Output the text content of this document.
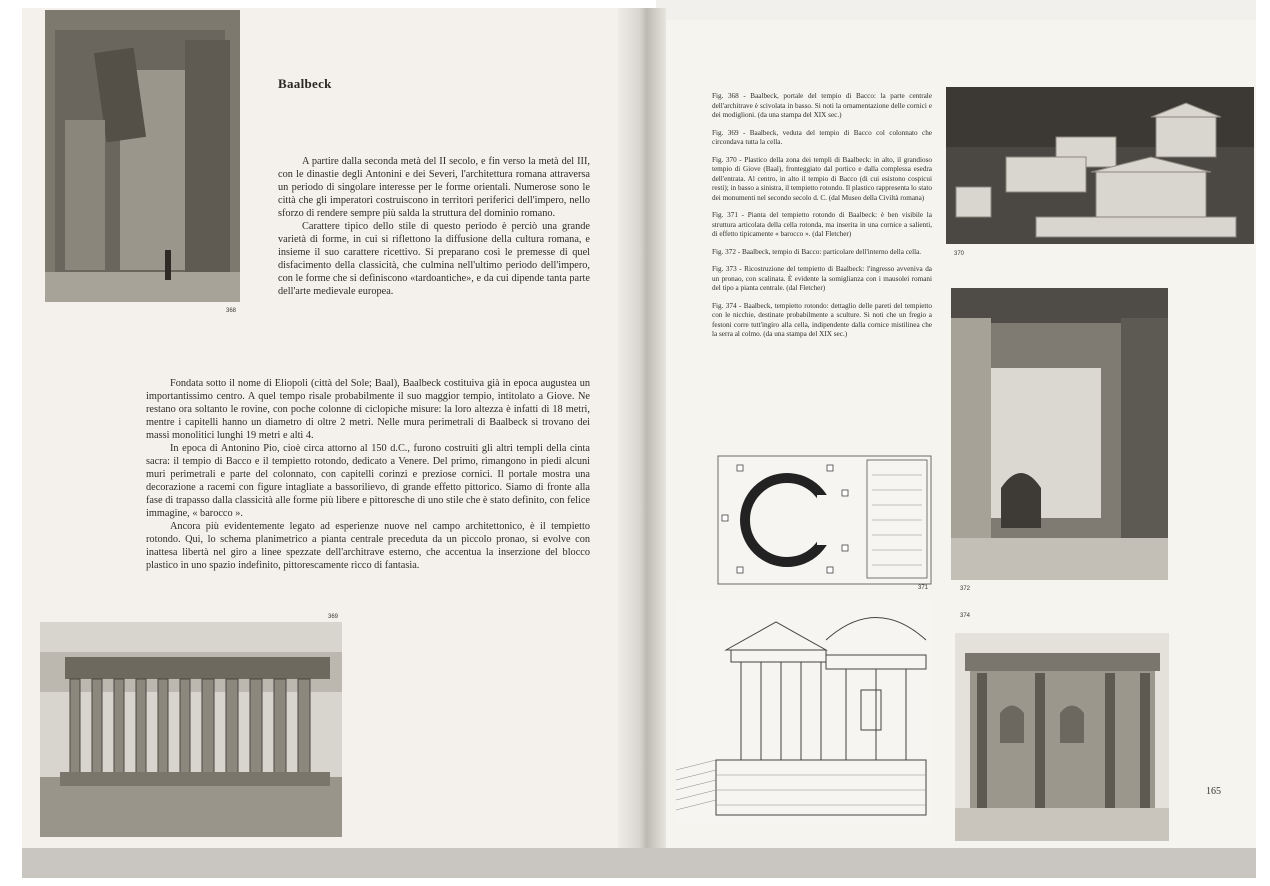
368
Baalbeck

A partire dalla seconda metà del II secolo, e fin verso la metà del III, con le dinastie degli Antonini e dei Severi, l'architettura romana attraversa un periodo di singolare interesse per le forme orientali. Numerose sono le città che gli imperatori costruiscono in territori periferici dell'impero, nello sforzo di rendere sempre più salda la struttura del dominio romano.

Carattere tipico dello stile di questo periodo è perciò una grande varietà di forme, in cui si riflettono la diffusione della cultura romana, e insieme il suo carattere ricettivo. Si preparano così le premesse di quel disfacimento della classicità, che culmina nell'ultimo periodo dell'impero, con le forme che si definiscono «tardoantiche», e da cui dipende tanta parte dell'arte medievale europea.

Fondata sotto il nome di Eliopoli (città del Sole; Baal), Baalbeck costituiva già in epoca augustea un importantissimo centro. A quel tempo risale probabilmente il suo maggior tempio, intitolato a Giove. Ne restano ora soltanto le rovine, con poche colonne di ciclopiche misure: la loro altezza è infatti di 18 metri, mentre i capitelli hanno un diametro di oltre 2 metri. Nelle mura perimetrali di Baalbeck si trovano dei massi monolitici lunghi 19 metri e alti 4.

In epoca di Antonino Pio, cioè circa attorno al 150 d.C., furono costruiti gli altri templi della cinta sacra: il tempio di Bacco e il tempietto rotondo, dedicato a Venere. Del primo, rimangono in piedi alcuni muri perimetrali e parte del colonnato, con capitelli corinzi e preziose cornici. Il portale mostra una decorazione a racemi con figure intagliate a bassorilievo, di grande effetto pittorico. Siamo di fronte alla fase di trapasso dalla classicità alle forme più libere e pittoresche di uno stile che è stato definito, con felice immagine, « barocco ».

Ancora più evidentemente legato ad esperienze nuove nel campo architettonico, è il tempietto rotondo. Qui, lo schema planimetrico a pianta centrale preceduta da un piccolo pronao, si evolve con inattesa libertà nel giro a linee spezzate dell'architrave esterno, che accentua la inserzione del blocco plastico in uno spazio indefinito, pittorescamente ricco di fantasia.

369

Fig. 368 - Baalbeck, portale del tempio di Bacco: la parte centrale dell'architrave è scivolata in basso. Si noti la ornamentazione delle cornici e dei modiglioni. (da una stampa del XIX sec.)

Fig. 369 - Baalbeck, veduta del tempio di Bacco col colonnato che circondava tutta la cella.

Fig. 370 - Plastico della zona dei templi di Baalbeck: in alto, il grandioso tempio di Giove (Baal), fronteggiato dal portico e dalla complessa esedra dell'entrata. Al centro, in alto il tempio di Bacco (di cui esistono cospicui resti); in basso a sinistra, il tempietto rotondo. Il plastico rappresenta lo stato dei monumenti nel secondo secolo d. C. (dal Museo della Civiltà romana)

Fig. 371 - Pianta del tempietto rotondo di Baalbeck: è ben visibile la struttura articolata della cella rotonda, ma inserita in una cornice a salienti, di effetto tipicamente « barocco ». (dal Fletcher)

Fig. 372 - Baalbeck, tempio di Bacco: particolare dell'interno della cella.

Fig. 373 - Ricostruzione del tempietto di Baalbeck: l'ingresso avveniva da un pronao, con scalinata. È evidente la somiglianza con i mausolei romani del tipo a pianta centrale. (dal Fletcher)

Fig. 374 - Baalbeck, tempietto rotondo: dettaglio delle pareti del tempietto con le nicchie, destinate probabilmente a sculture. Si noti che un fregio a festoni corre tutt'ingiro alla cella, indipendente dalla cornice mistilinea che la serra al colmo. (da una stampa del XIX sec.)

370
371	372
374
165
